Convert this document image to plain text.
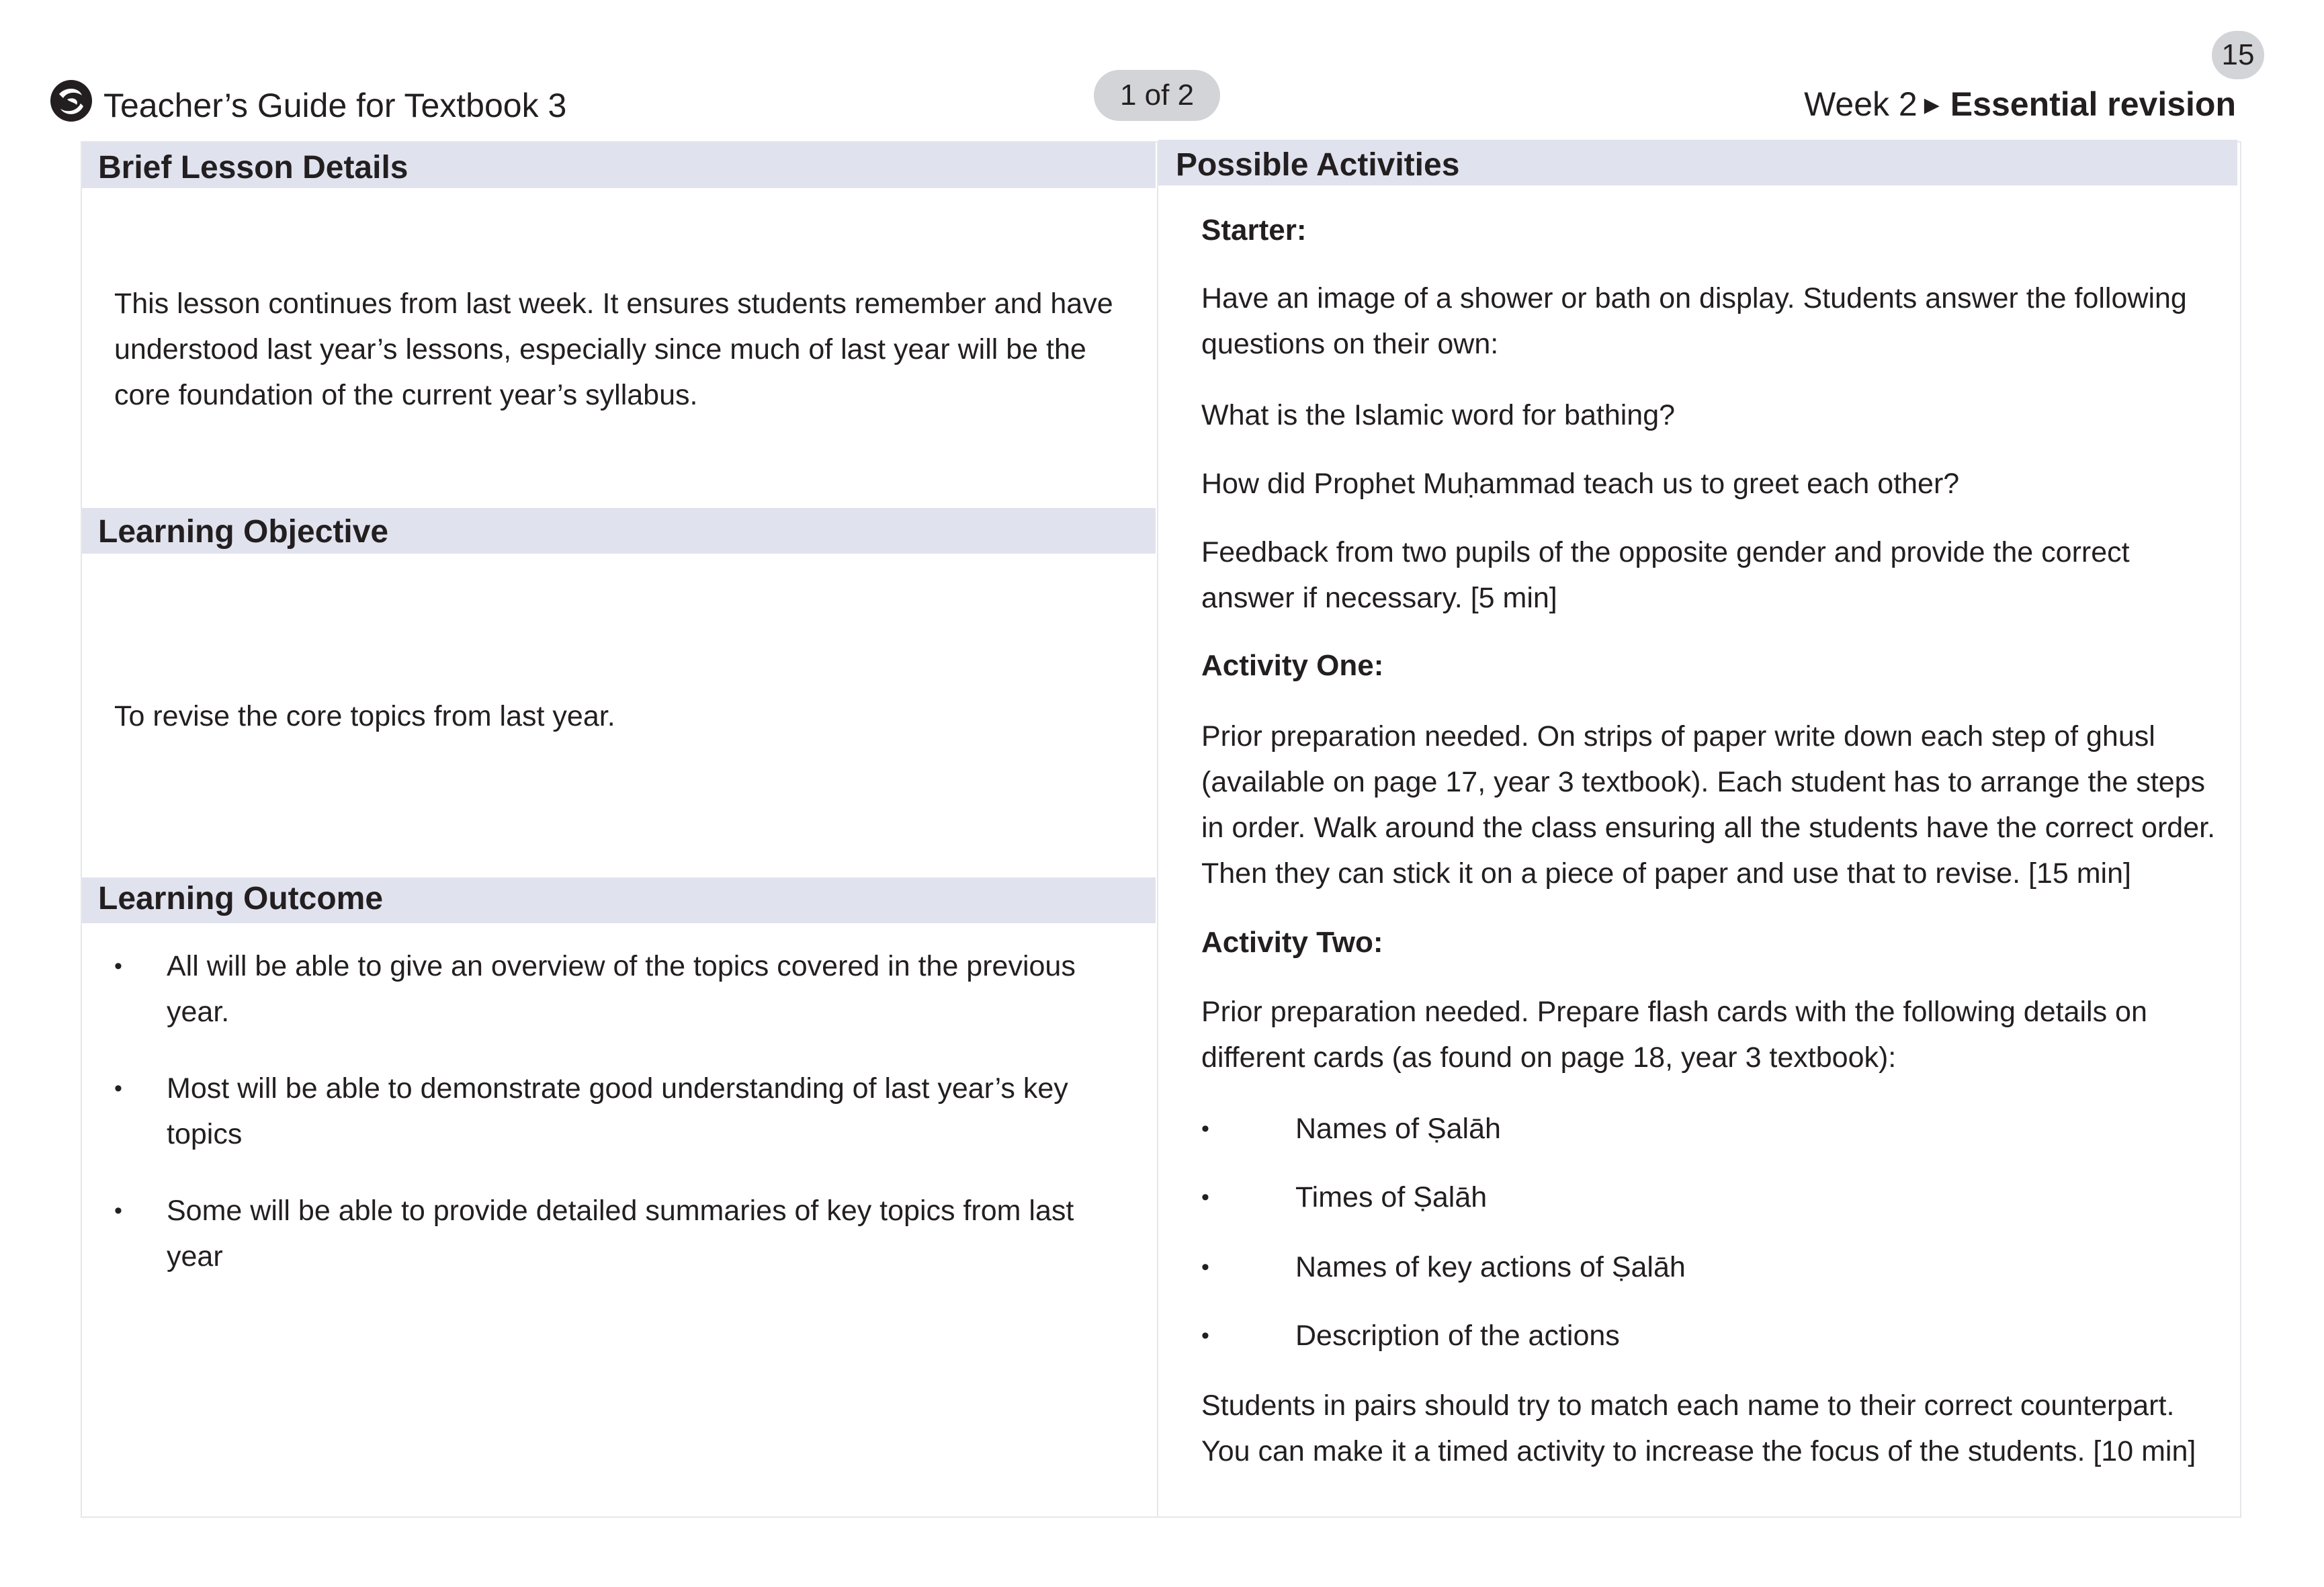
Teacher’s Guide for Textbook 3	1 of 2
15
Week 2 ▶ Essential revision
Brief Lesson Details
This lesson continues from last week. It ensures students remember and have understood last year’s lessons, especially since much of last year will be the core foundation of the current year’s syllabus.
Learning Objective
To revise the core topics from last year.
Learning Outcome
• All will be able to give an overview of the topics covered in the previous year.
• Most will be able to demonstrate good understanding of last year’s key topics
• Some will be able to provide detailed summaries of key topics from last year
Possible Activities
Starter:
Have an image of a shower or bath on display. Students answer the following questions on their own:
What is the Islamic word for bathing?
How did Prophet Muḥammad teach us to greet each other?
Feedback from two pupils of the opposite gender and provide the correct answer if necessary. [5 min]
Activity One:
Prior preparation needed. On strips of paper write down each step of ghusl (available on page 17, year 3 textbook). Each student has to arrange the steps in order. Walk around the class ensuring all the students have the correct order. Then they can stick it on a piece of paper and use that to revise. [15 min]
Activity Two:
Prior preparation needed. Prepare flash cards with the following details on different cards (as found on page 18, year 3 textbook):
•	Names of Ṣalāh
•	Times of Ṣalāh
•	Names of key actions of Ṣalāh
•	Description of the actions
Students in pairs should try to match each name to their correct counterpart. You can make it a timed activity to increase the focus of the students. [10 min]
